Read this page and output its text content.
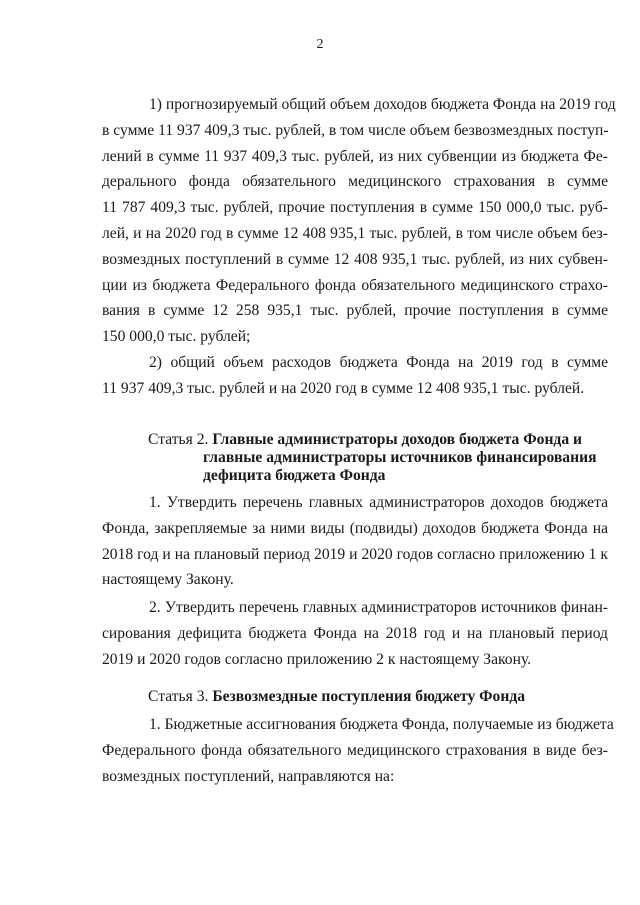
2
1) прогнозируемый общий объем доходов бюджета Фонда на 2019 год
в сумме 11 937 409,3 тыс. рублей, в том числе объем безвозмездных поступ-
лений в сумме 11 937 409,3 тыс. рублей, из них субвенции из бюджета Фе-
дерального фонда обязательного медицинского страхования в сумме
11 787 409,3 тыс. рублей, прочие поступления в сумме 150 000,0 тыс. руб-
лей, и на 2020 год в сумме 12 408 935,1 тыс. рублей, в том числе объем без-
возмездных поступлений в сумме 12 408 935,1 тыс. рублей, из них субвен-
ции из бюджета Федерального фонда обязательного медицинского страхо-
вания в сумме 12 258 935,1 тыс. рублей, прочие поступления в сумме
150 000,0 тыс. рублей;
2) общий объем расходов бюджета Фонда на 2019 год в сумме
11 937 409,3 тыс. рублей и на 2020 год в сумме 12 408 935,1 тыс. рублей.
Статья 2. Главные администраторы доходов бюджета Фонда и
главные администраторы источников финансирования
дефицита бюджета Фонда
1. Утвердить перечень главных администраторов доходов бюджета
Фонда, закрепляемые за ними виды (подвиды) доходов бюджета Фонда на
2018 год и на плановый период 2019 и 2020 годов согласно приложению 1 к
настоящему Закону.
2. Утвердить перечень главных администраторов источников финан-
сирования дефицита бюджета Фонда на 2018 год и на плановый период
2019 и 2020 годов согласно приложению 2 к настоящему Закону.
Статья 3. Безвозмездные поступления бюджету Фонда
1. Бюджетные ассигнования бюджета Фонда, получаемые из бюджета
Федерального фонда обязательного медицинского страхования в виде без-
возмездных поступлений, направляются на:
